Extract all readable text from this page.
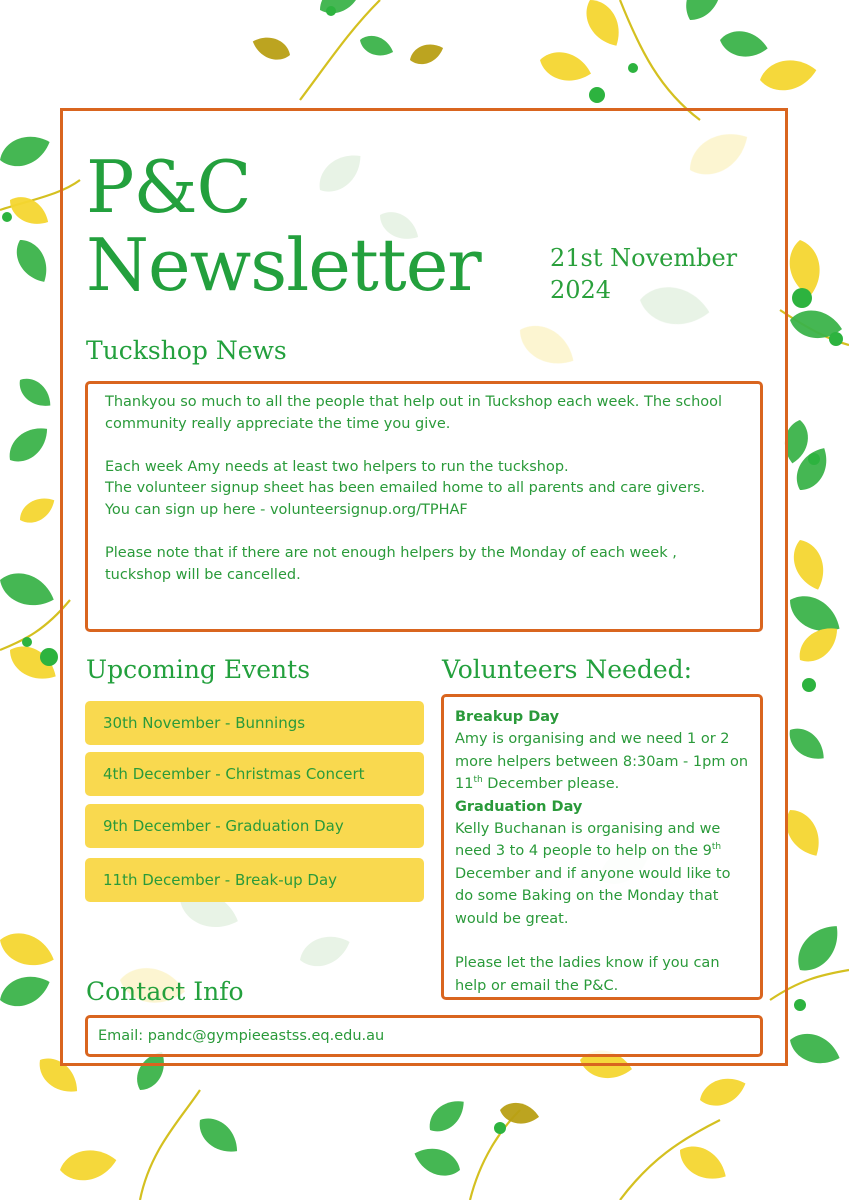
P&C
Newsletter	21st November
2024
Tuckshop News

Thankyou so much to all the people that help out in Tuckshop each week. The school community really appreciate the time you give.

Each week Amy needs at least two helpers to run the tuckshop.

The volunteer signup sheet has been emailed home to all parents and care givers.

You can sign up here - volunteersignup.org/TPHAF

Please note that if there are not enough helpers by the Monday of each week , tuckshop will be cancelled.

Upcoming Events
30th November - Bunnings
4th December - Christmas Concert
9th December - Graduation Day
11th December - Break-up Day
Volunteers Needed:

Breakup Day

Amy is organising and we need 1 or 2 more helpers between 8:30am - 1pm on 11th December please.

Graduation Day

Kelly Buchanan is organising and we need 3 to 4 people to help on the 9th December and if anyone would like to do some Baking on the Monday that would be great.

Please let the ladies know if you can help or email the P&C.

Contact Info
Email: pandc@gympieeastss.eq.edu.au
